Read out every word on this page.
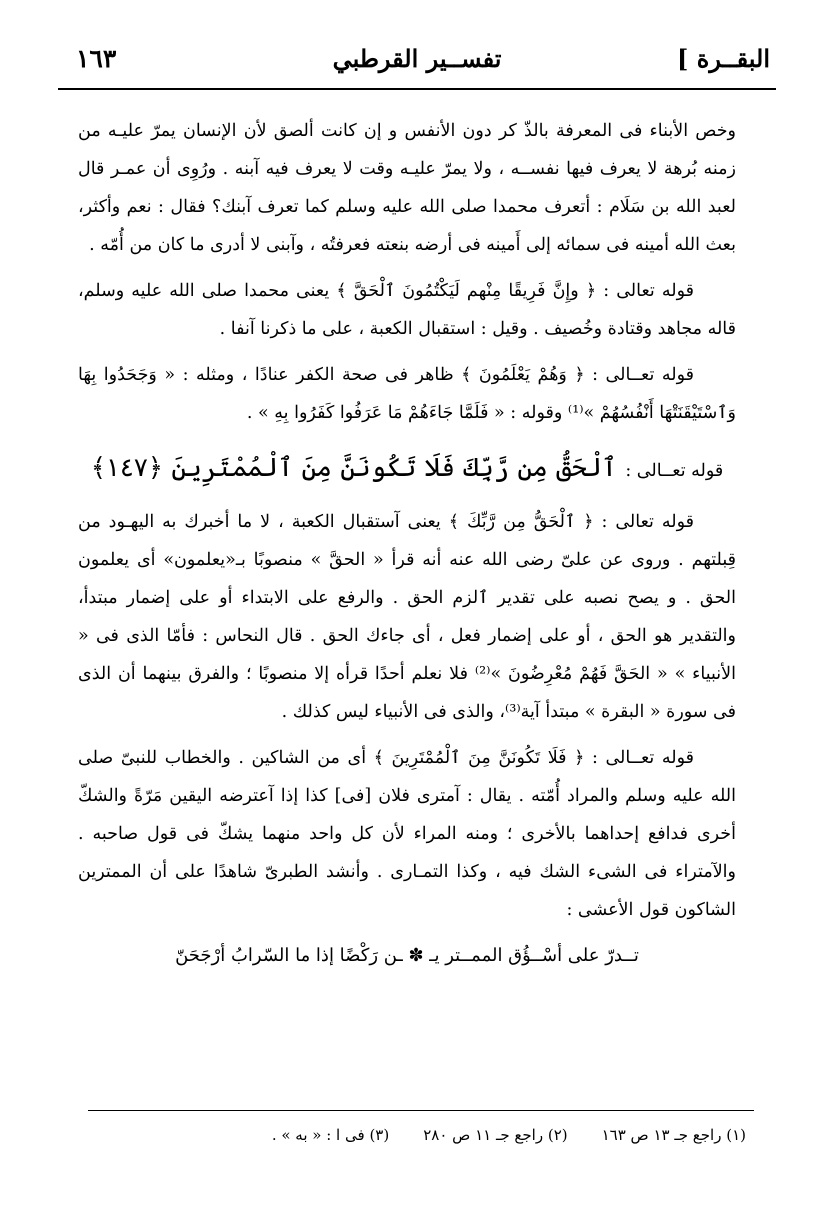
١٦٣	تفســير القرطبي	البقــرة ]

وخص الأبناء فى المعرفة بالذّ كر دون الأنفس و إن كانت ألصق لأن الإنسان يمرّ عليـه من زمنه بُرهة لا يعرف فيها نفســه ، ولا يمرّ عليـه وقت لا يعرف فيه آبنه . ورُوِى أن عمـر قال لعبد الله بن سَلَام : أتعرف محمدا صلى الله عليه وسلم كما تعرف آبنك؟ فقال : نعم وأكثر، بعث الله أمينه فى سمائه إلى أَمينه فى أرضه بنعته فعرفتُه ، وآبنى لا أدرى ما كان من أُمّه .

قوله تعالى : ﴿ وإِنَّ فَرِيقًا مِنْهم لَيَكْتُمُونَ ٱلْحَقَّ ﴾ يعنى محمدا صلى الله عليه وسلم، قاله مجاهد وقتادة وخُصيف . وقيل : استقبال الكعبة ، على ما ذكرنا آنفا .

قوله تعــالى : ﴿ وَهُمْ يَعْلَمُونَ ﴾ ظاهر فى صحة الكفر عنادًا ، ومثله : « وَجَحَدُوا بِهَا وَٱسْتَيْقَنَتْهَا أَنْفُسُهُمْ »⁽¹⁾ وقوله : « فَلَمَّا جَاءَهُمْ مَا عَرَفُوا كَفَرُوا بِهِ » .

قوله تعــالى : ٱلْحَقُّ مِن رَّبِّكَ فَلَا تَكُونَنَّ مِنَ ٱلْمُمْتَرِينَ ﴿١٤٧﴾

قوله تعالى : ﴿ ٱلْحَقُّ مِن رَّبِّكَ ﴾ يعنى آستقبال الكعبة ، لا ما أخبرك به اليهـود من قِبلتهم . وروى عن علىّ رضى الله عنه أنه قرأ « الحقَّ » منصوبًا بـ«يعلمون» أى يعلمون الحق . و يصح نصبه على تقدير ٱلزم الحق . والرفع على الابتداء أو على إضمار مبتدأ، والتقدير هو الحق ، أو على إضمار فعل ، أى جاءك الحق . قال النحاس : فأمّا الذى فى « الأنبياء » « الحَقَّ فَهُمْ مُعْرِضُونَ »⁽²⁾ فلا نعلم أحدًا قرأه إلا منصوبًا ؛ والفرق بينهما أن الذى فى سورة « البقرة » مبتدأ آية⁽³⁾، والذى فى الأنبياء ليس كذلك .

قوله تعــالى : ﴿ فَلَا تَكُونَنَّ مِنَ ٱلْمُمْتَرِينَ ﴾ أى من الشاكين . والخطاب للنبىّ صلى الله عليه وسلم والمراد أُمّته . يقال : آمترى فلان [فى] كذا إذا آعترضه اليقين مَرّةً والشكّ أخرى فدافع إحداهما بالأخرى ؛ ومنه المراء لأن كل واحد منهما يشكّ فى قول صاحبه . والآمتراء فى الشىء الشك فيه ، وكذا التمـارى . وأنشد الطبرىّ شاهدًا على أن الممترين الشاكون قول الأعشى :

تــدرّ على أسْــؤُق الممــتر يـ ✽ ـن رَكْضًا إذا ما السّرابُ أرْجَحَنّ
(١) راجع جـ ١٣ ص ١٦٣
(٢) راجع جـ ١١ ص ٢٨٠
(٣) فى ا : « به » .
